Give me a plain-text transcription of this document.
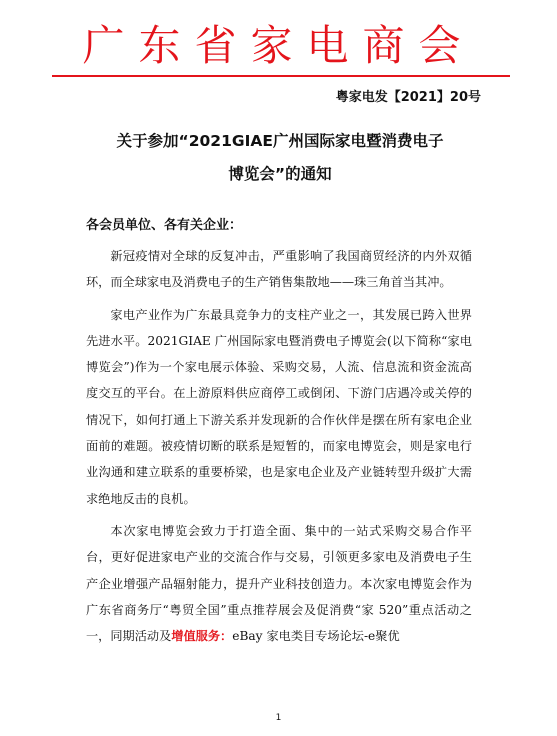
广东省家电商会
粤家电发【2021】20号
关于参加“2021GIAE广州国际家电暨消费电子
博览会”的通知
各会员单位、各有关企业：

新冠疫情对全球的反复冲击，严重影响了我国商贸经济的内外双循环，而全球家电及消费电子的生产销售集散地——珠三角首当其冲。

家电产业作为广东最具竞争力的支柱产业之一，其发展已跨入世界先进水平。2021GIAE 广州国际家电暨消费电子博览会(以下简称“家电博览会”)作为一个家电展示体验、采购交易，人流、信息流和资金流高度交互的平台。在上游原料供应商停工或倒闭、下游门店遇冷或关停的情况下，如何打通上下游关系并发现新的合作伙伴是摆在所有家电企业面前的难题。被疫情切断的联系是短暂的，而家电博览会，则是家电行业沟通和建立联系的重要桥梁，也是家电企业及产业链转型升级扩大需求绝地反击的良机。

本次家电博览会致力于打造全面、集中的一站式采购交易合作平台，更好促进家电产业的交流合作与交易，引领更多家电及消费电子生产企业增强产品辐射能力，提升产业科技创造力。本次家电博览会作为广东省商务厅“粤贸全国”重点推荐展会及促消费“家 520”重点活动之一，同期活动及增值服务：eBay 家电类目专场论坛-e聚优

1
